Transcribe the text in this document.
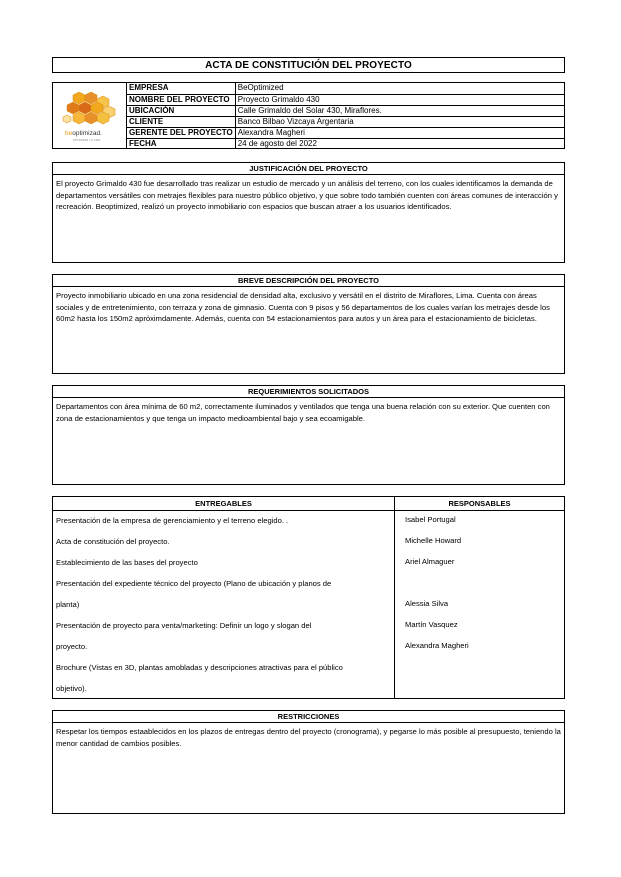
ACTA DE CONSTITUCIÓN DEL PROYECTO
beoptimizad.
OPTIMIZAR TU VIDA
EMPRESA	BeOptimized
NOMBRE DEL PROYECTO	Proyecto Grimaldo 430
UBICACIÓN	Calle Grimaldo del Solar 430, Miraflores.
CLIENTE	Banco Bilbao Vizcaya Argentaria
GERENTE DEL PROYECTO	Alexandra Magheri
FECHA	24 de agosto del 2022
JUSTIFICACIÓN DEL PROYECTO
El proyecto Grimaldo 430 fue desarrollado tras realizar un estudio de mercado y un análisis del terreno, con los cuales identificamos la demanda de departamentos versátiles con metrajes flexibles para nuestro público objetivo, y que sobre todo también cuenten con áreas comunes de interacción y recreación. Beoptimized, realizó un proyecto inmobiliario con espacios que buscan atraer a los usuarios identificados.
BREVE DESCRIPCIÓN DEL PROYECTO
Proyecto inmobiliario ubicado en una zona residencial de densidad alta, exclusivo y versátil en el distrito de Miraflores, Lima. Cuenta con áreas sociales y de entretenimiento, con terraza y zona de gimnasio. Cuenta con 9 pisos y 56 departamentos de los cuales varían los metrajes desde los 60m2 hasta los 150m2 apróximdamente. Además, cuenta con 54 estacionamientos para autos y un área para el estacionamiento de bicicletas.
REQUERIMIENTOS SOLICITADOS
Departamentos con área mínima de 60 m2, correctamente iluminados y ventilados que tenga una buena relación con su exterior. Que cuenten con zona de estacionamientos y que tenga un impacto medioambiental bajo y sea ecoamigable.
ENTREGABLES
Presentación de la empresa de gerenciamiento y el terreno elegido. .
Acta de constitución del proyecto.
Establecimiento de las bases del proyecto
Presentación del expediente técnico del proyecto (Plano de ubicación y planos de
planta)
Presentación de proyecto para venta/marketing: Definir un logo y slogan del
proyecto.
Brochure (Vistas en 3D, plantas amobladas y descripciones atractivas para el público
objetivo).
RESPONSABLES
Isabel Portugal
Michelle Howard
Ariel Almaguer
Alessia Silva
Martín Vasquez
Alexandra Magheri
RESTRICCIONES
Respetar los tiempos estaablecidos en los plazos de entregas dentro del proyecto (cronograma), y pegarse lo más posible al presupuesto, teniendo la menor cantidad de cambios posibles.
